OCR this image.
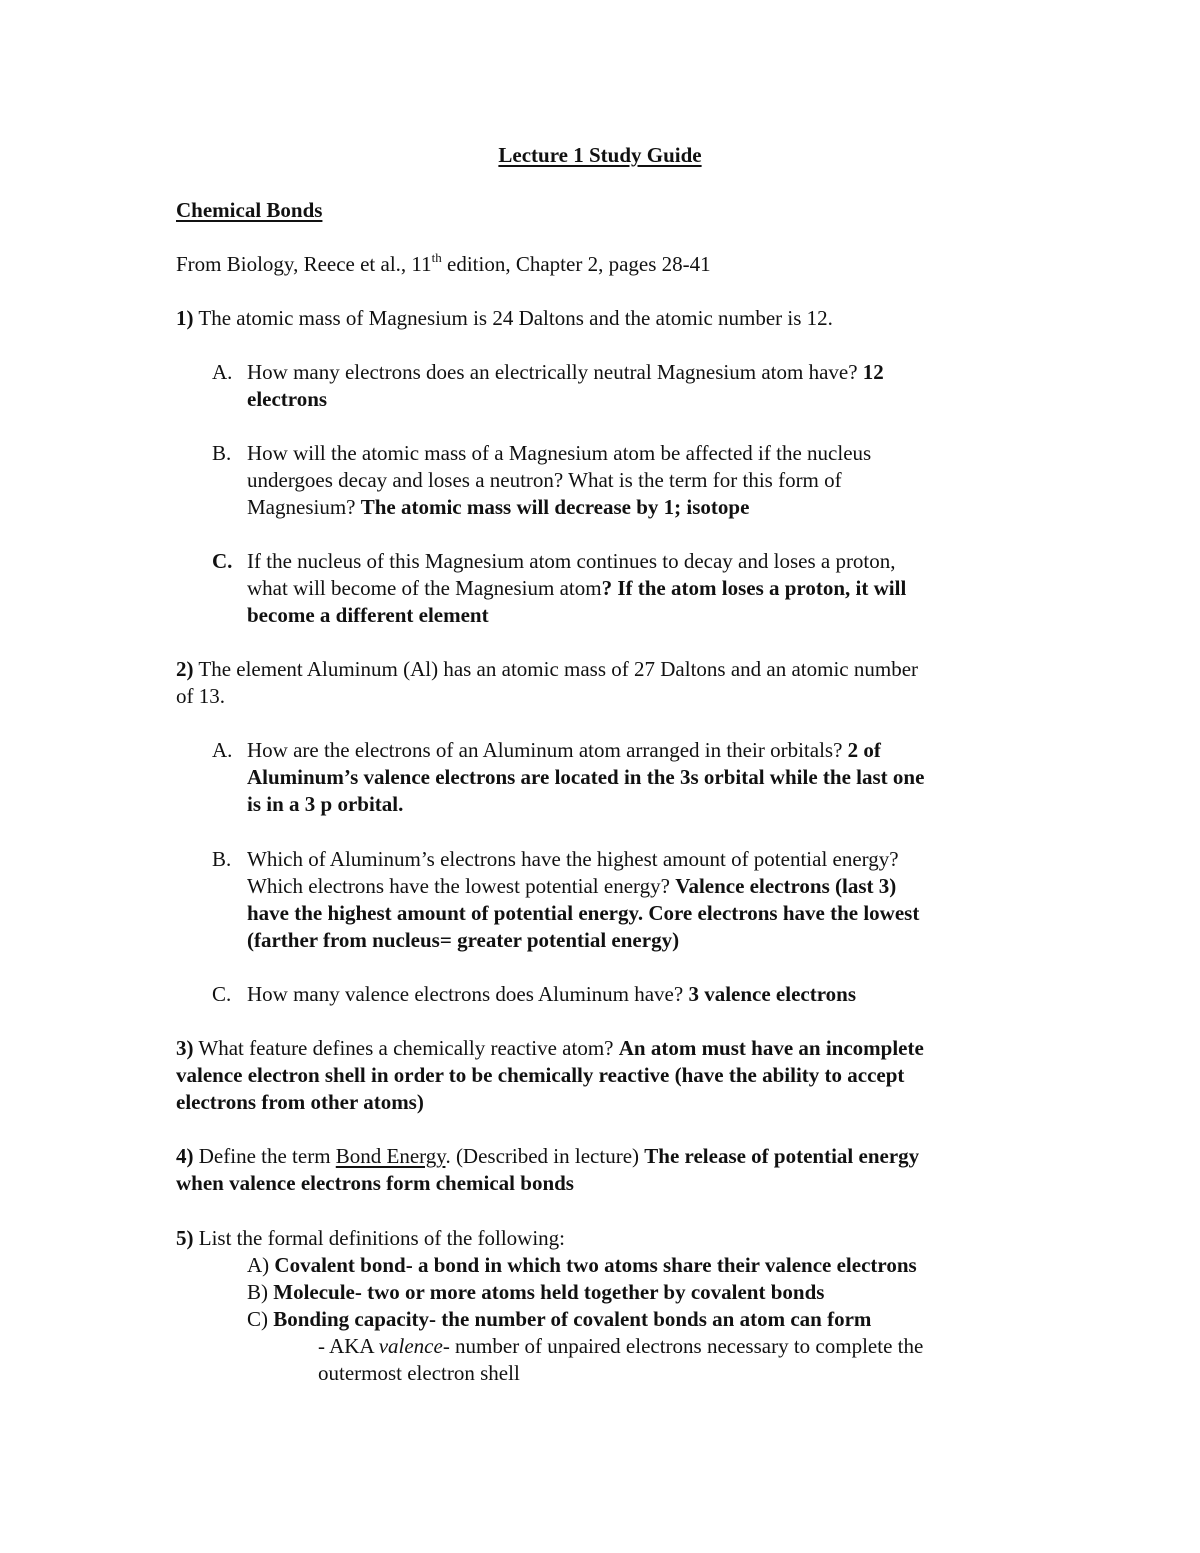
Lecture 1 Study Guide
Chemical Bonds
From Biology, Reece et al., 11th edition, Chapter 2, pages 28-41
1) The atomic mass of Magnesium is 24 Daltons and the atomic number is 12.
A. How many electrons does an electrically neutral Magnesium atom have? 12
electrons
B. How will the atomic mass of a Magnesium atom be affected if the nucleus
undergoes decay and loses a neutron? What is the term for this form of
Magnesium? The atomic mass will decrease by 1; isotope
C. If the nucleus of this Magnesium atom continues to decay and loses a proton,
what will become of the Magnesium atom? If the atom loses a proton, it will
become a different element
2) The element Aluminum (Al) has an atomic mass of 27 Daltons and an atomic number
of 13.
A. How are the electrons of an Aluminum atom arranged in their orbitals? 2 of
Aluminum’s valence electrons are located in the 3s orbital while the last one
is in a 3 p orbital.
B. Which of Aluminum’s electrons have the highest amount of potential energy?
Which electrons have the lowest potential energy? Valence electrons (last 3)
have the highest amount of potential energy. Core electrons have the lowest
(farther from nucleus= greater potential energy)
C. How many valence electrons does Aluminum have? 3 valence electrons
3) What feature defines a chemically reactive atom? An atom must have an incomplete
valence electron shell in order to be chemically reactive (have the ability to accept
electrons from other atoms)
4) Define the term Bond Energy. (Described in lecture) The release of potential energy
when valence electrons form chemical bonds
5) List the formal definitions of the following:
A) Covalent bond- a bond in which two atoms share their valence electrons
B) Molecule- two or more atoms held together by covalent bonds
C) Bonding capacity- the number of covalent bonds an atom can form
- AKA valence- number of unpaired electrons necessary to complete the
outermost electron shell
